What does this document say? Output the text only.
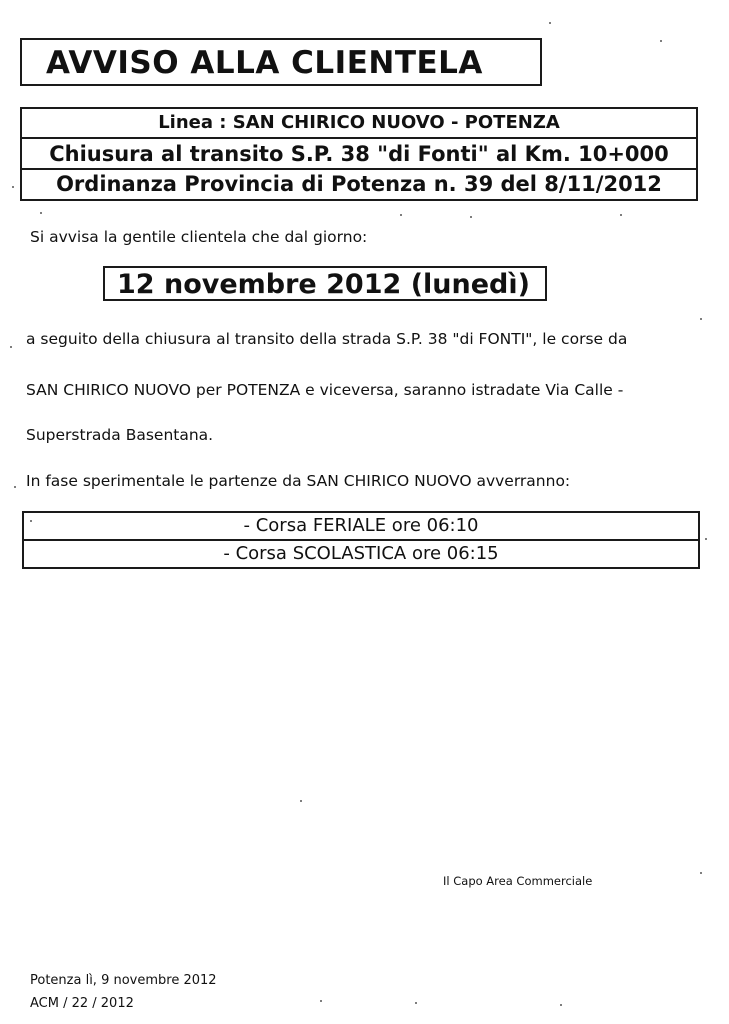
AVVISO ALLA CLIENTELA
Linea : SAN CHIRICO NUOVO - POTENZA
Chiusura al transito S.P. 38 "di Fonti" al Km. 10+000
Ordinanza Provincia di Potenza n. 39 del 8/11/2012
Si avvisa la gentile clientela che dal giorno:
12 novembre 2012 (lunedì)
a seguito della chiusura al transito della strada S.P. 38 "di FONTI", le corse da
SAN CHIRICO NUOVO per POTENZA e viceversa, saranno istradate Via Calle -
Superstrada Basentana.
In fase sperimentale le partenze da SAN CHIRICO NUOVO avverranno:
- Corsa FERIALE ore 06:10
- Corsa SCOLASTICA ore 06:15
Il Capo Area Commerciale
Potenza lì, 9 novembre 2012
ACM / 22 / 2012
